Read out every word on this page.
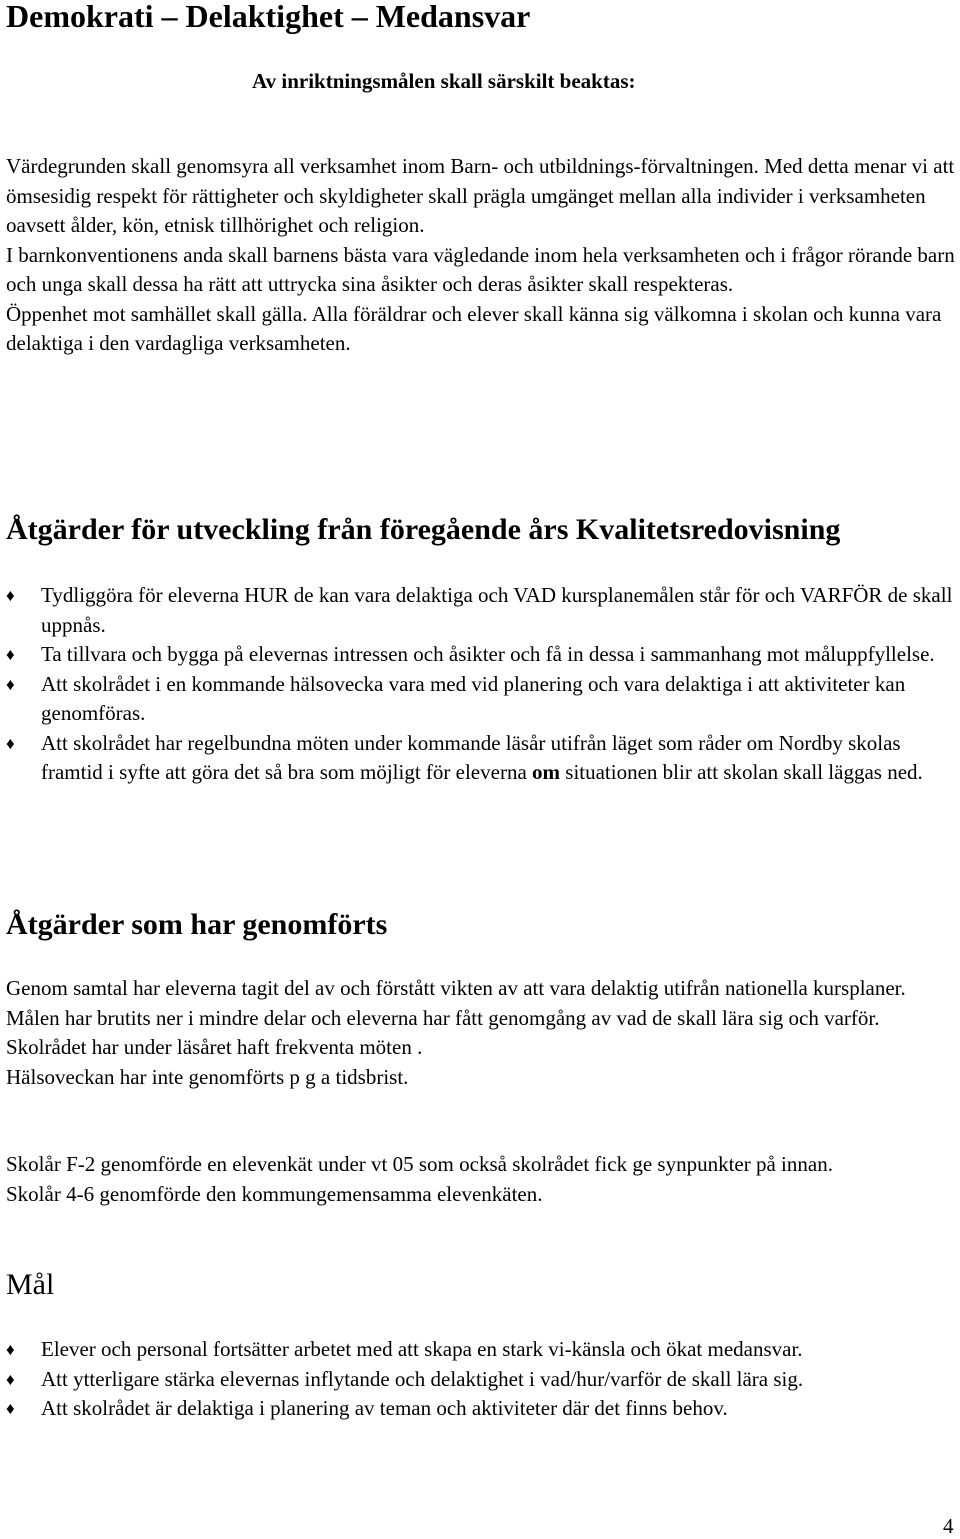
Demokrati – Delaktighet – Medansvar
Av inriktningsmålen skall särskilt beaktas:

Värdegrunden skall genomsyra all verksamhet inom Barn- och utbildnings-förvaltningen. Med detta menar vi att ömsesidig respekt för rättigheter och skyldigheter skall prägla umgänget mellan alla individer i verksamheten oavsett ålder, kön, etnisk tillhörighet och religion.

I barnkonventionens anda skall barnens bästa vara vägledande inom hela verksamheten och i frågor rörande barn och unga skall dessa ha rätt att uttrycka sina åsikter och deras åsikter skall respekteras.

Öppenhet mot samhället skall gälla. Alla föräldrar och elever skall känna sig välkomna i skolan och kunna vara delaktiga i den vardagliga verksamheten.

Åtgärder för utveckling från föregående års Kvalitetsredovisning
♦ Tydliggöra för eleverna HUR de kan vara delaktiga och VAD kursplanemålen står för och VARFÖR de skall uppnås.
♦ Ta tillvara och bygga på elevernas intressen och åsikter och få in dessa i sammanhang mot måluppfyllelse.
♦ Att skolrådet i en kommande hälsovecka vara med vid planering och vara delaktiga i att aktiviteter kan genomföras.
♦ Att skolrådet har regelbundna möten under kommande läsår utifrån läget som råder om Nordby skolas framtid i syfte att göra det så bra som möjligt för eleverna om situationen blir att skolan skall läggas ned.
Åtgärder som har genomförts

Genom samtal har eleverna tagit del av och förstått vikten av att vara delaktig utifrån nationella kursplaner. Målen har brutits ner i mindre delar och eleverna har fått genomgång av vad de skall lära sig och varför.

Skolrådet har under läsåret haft frekventa möten .

Hälsoveckan har inte genomförts p g a tidsbrist.

Skolår F-2 genomförde en elevenkät under vt 05 som också skolrådet fick ge synpunkter på innan.

Skolår 4-6 genomförde den kommungemensamma elevenkäten.

Mål
♦ Elever och personal fortsätter arbetet med att skapa en stark vi-känsla och ökat medansvar.
♦ Att ytterligare stärka elevernas inflytande och delaktighet i vad/hur/varför de skall lära sig.
♦ Att skolrådet är delaktiga i planering av teman och aktiviteter där det finns behov.
4
